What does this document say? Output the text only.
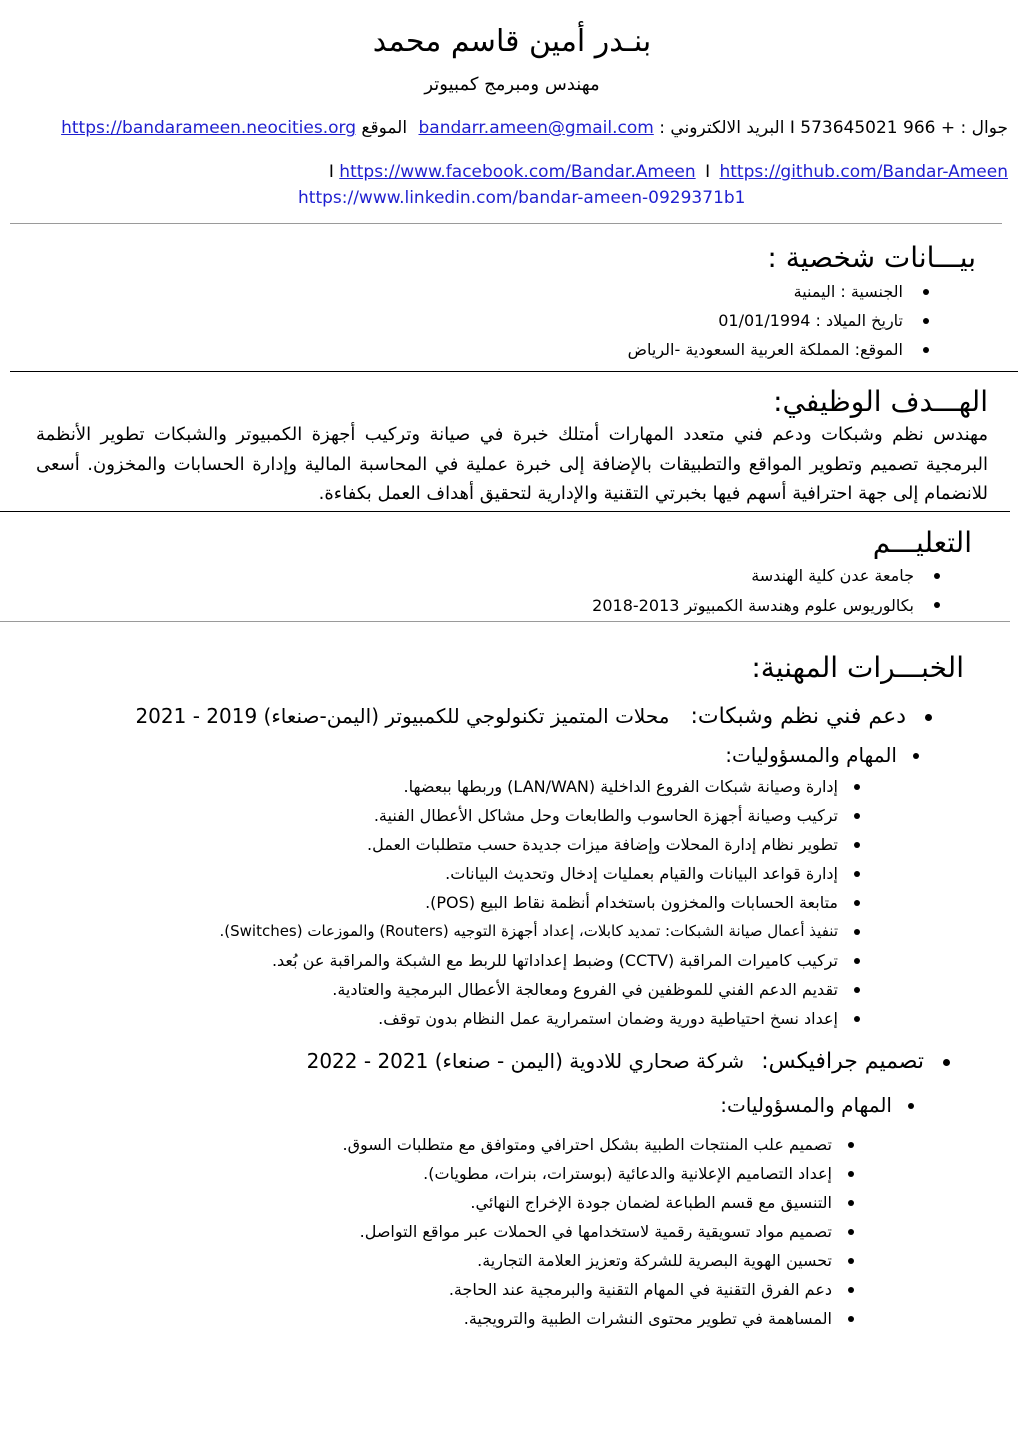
بنـدر أمين قاسم محمد
مهندس ومبرمج كمبيوتر
جوال : 573645021 966 + I البريد الالكتروني : bandarr.ameen@gmail.com الموقع https://bandarameen.neocities.org
I https://www.facebook.com/Bandar.Ameen I https://github.com/Bandar-Ameen
https://www.linkedin.com/bandar-ameen-0929371b1
بيـــانات شخصية :
الجنسية : اليمنية
تاريخ الميلاد : 01/01/1994
الموقع: المملكة العربية السعودية -الرياض
الهـــدف الوظيفي:
مهندس نظم وشبكات ودعم فني متعدد المهارات أمتلك خبرة في صيانة وتركيب أجهزة الكمبيوتر والشبكات تطوير الأنظمة البرمجية تصميم وتطوير المواقع والتطبيقات بالإضافة إلى خبرة عملية في المحاسبة المالية وإدارة الحسابات والمخزون. أسعى للانضمام إلى جهة احترافية أسهم فيها بخبرتي التقنية والإدارية لتحقيق أهداف العمل بكفاءة.
التعليـــم
جامعة عدن كلية الهندسة
بكالوريوس علوم وهندسة الكمبيوتر 2013-2018
الخبـــرات المهنية:
دعم فني نظم وشبكات: محلات المتميز تكنولوجي للكمبيوتر (اليمن-صنعاء) 2019 - 2021
المهام والمسؤوليات:
إدارة وصيانة شبكات الفروع الداخلية (LAN/WAN) وربطها ببعضها.
تركيب وصيانة أجهزة الحاسوب والطابعات وحل مشاكل الأعطال الفنية.
تطوير نظام إدارة المحلات وإضافة ميزات جديدة حسب متطلبات العمل.
إدارة قواعد البيانات والقيام بعمليات إدخال وتحديث البيانات.
متابعة الحسابات والمخزون باستخدام أنظمة نقاط البيع (POS).
تنفيذ أعمال صيانة الشبكات: تمديد كابلات، إعداد أجهزة التوجيه (Routers) والموزعات (Switches).
تركيب كاميرات المراقبة (CCTV) وضبط إعداداتها للربط مع الشبكة والمراقبة عن بُعد.
تقديم الدعم الفني للموظفين في الفروع ومعالجة الأعطال البرمجية والعتادية.
إعداد نسخ احتياطية دورية وضمان استمرارية عمل النظام بدون توقف.
تصميم جرافيكس: شركة صحاري للادوية (اليمن - صنعاء) 2021 - 2022
المهام والمسؤوليات:
تصميم علب المنتجات الطبية بشكل احترافي ومتوافق مع متطلبات السوق.
إعداد التصاميم الإعلانية والدعائية (بوسترات، بنرات، مطويات).
التنسيق مع قسم الطباعة لضمان جودة الإخراج النهائي.
تصميم مواد تسويقية رقمية لاستخدامها في الحملات عبر مواقع التواصل.
تحسين الهوية البصرية للشركة وتعزيز العلامة التجارية.
دعم الفرق التقنية في المهام التقنية والبرمجية عند الحاجة.
المساهمة في تطوير محتوى النشرات الطبية والترويجية.
